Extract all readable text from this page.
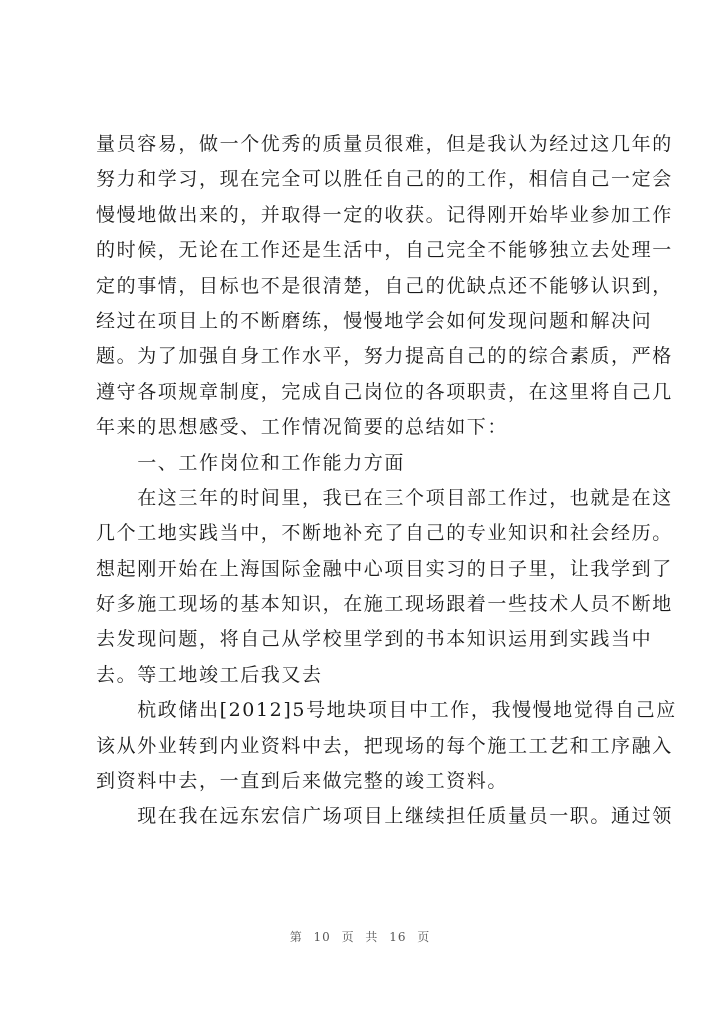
量员容易，做一个优秀的质量员很难，但是我认为经过这几年的
努力和学习，现在完全可以胜任自己的的工作，相信自己一定会
慢慢地做出来的，并取得一定的收获。记得刚开始毕业参加工作
的时候，无论在工作还是生活中，自己完全不能够独立去处理一
定的事情，目标也不是很清楚，自己的优缺点还不能够认识到，
经过在项目上的不断磨练，慢慢地学会如何发现问题和解决问
题。为了加强自身工作水平，努力提高自己的的综合素质，严格
遵守各项规章制度，完成自己岗位的各项职责，在这里将自己几
年来的思想感受、工作情况简要的总结如下：
　　一、工作岗位和工作能力方面
　　在这三年的时间里，我已在三个项目部工作过，也就是在这
几个工地实践当中，不断地补充了自己的专业知识和社会经历。
想起刚开始在上海国际金融中心项目实习的日子里，让我学到了
好多施工现场的基本知识，在施工现场跟着一些技术人员不断地
去发现问题，将自己从学校里学到的书本知识运用到实践当中
去。等工地竣工后我又去
　　杭政储出[2012]5号地块项目中工作，我慢慢地觉得自己应
该从外业转到内业资料中去，把现场的每个施工工艺和工序融入
到资料中去，一直到后来做完整的竣工资料。
　　现在我在远东宏信广场项目上继续担任质量员一职。通过领
第 10 页 共 16 页
